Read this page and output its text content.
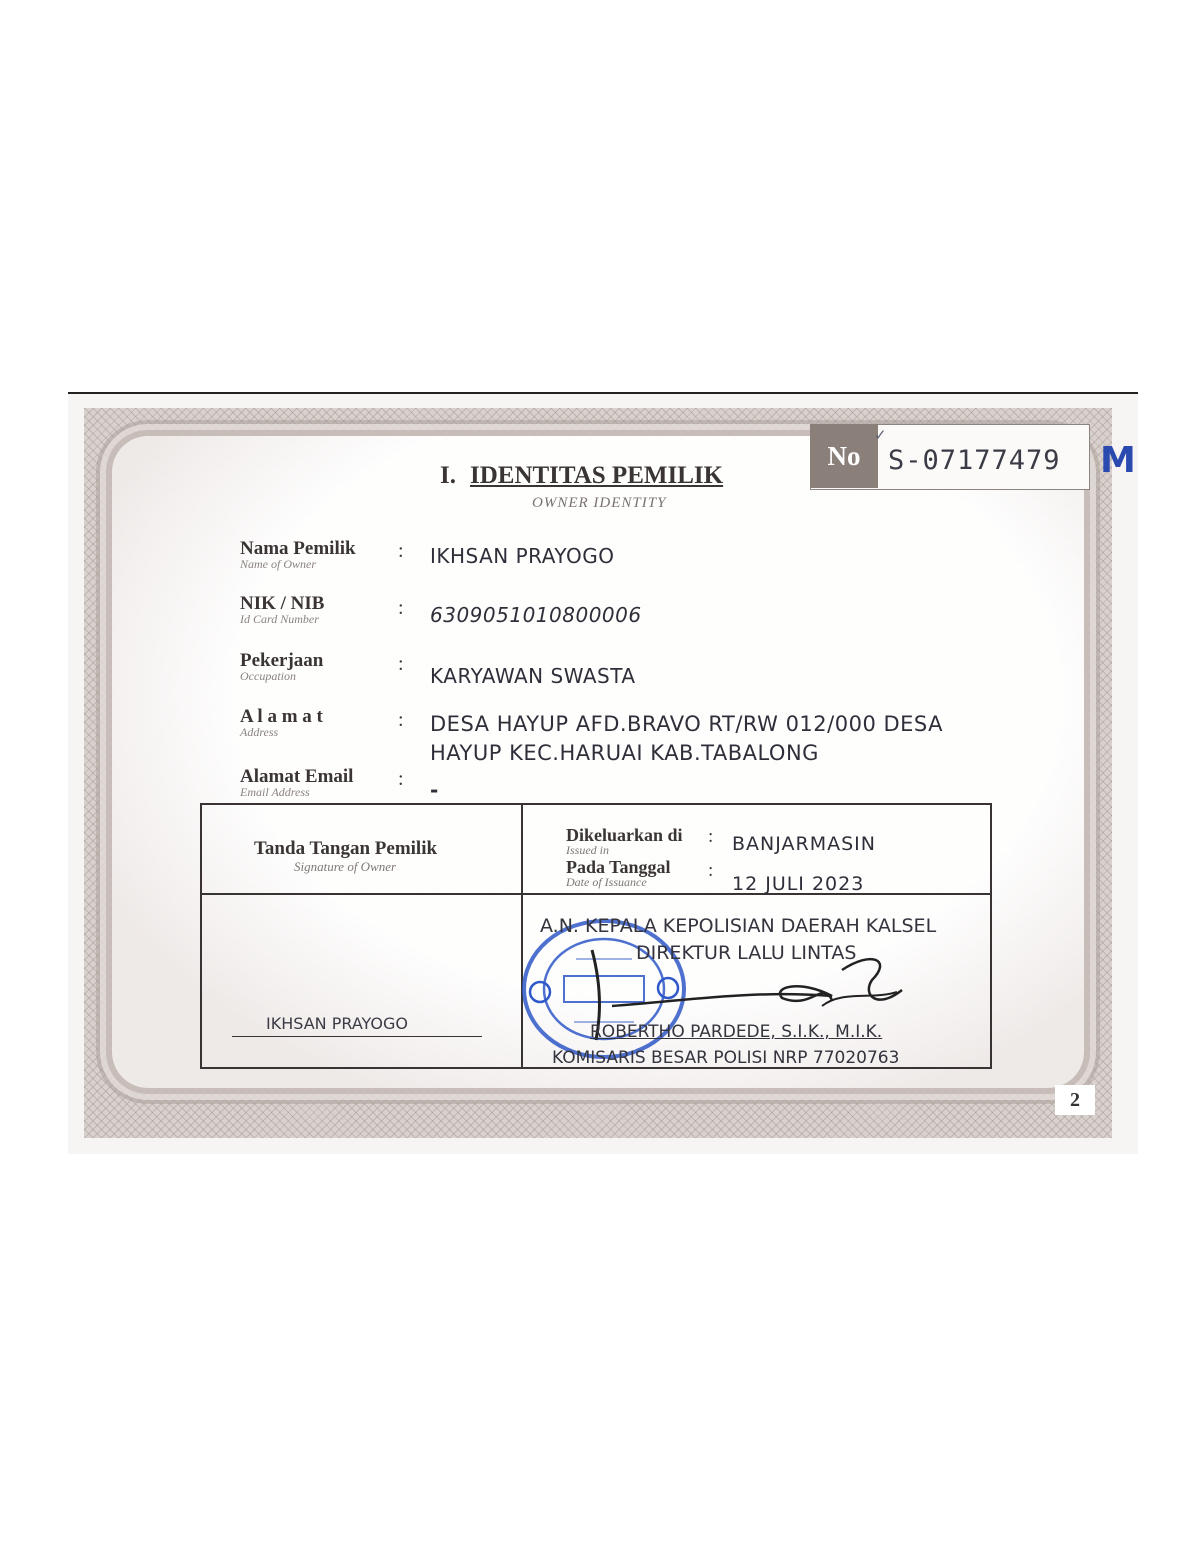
No
✓
S-07177479 M
I. IDENTITAS PEMILIK
OWNER IDENTITY
Nama Pemilik
Name of Owner
: IKHSAN PRAYOGO
NIK / NIB
Id Card Number	: 6309051010800006
Pekerjaan
Occupation
: KARYAWAN SWASTA
A l a m a t
Address
: DESA HAYUP AFD.BRAVO RT/RW 012/000 DESA
HAYUP KEC.HARUAI KAB.TABALONG
Alamat Email
Email Address
: -
Tanda Tangan Pemilik
Signature of Owner
IKHSAN PRAYOGO
Dikeluarkan di
Issued in
: BANJARMASIN
Pada Tanggal
Date of Issuance
:
12 JULI 2023
A.N. KEPALA KEPOLISIAN DAERAH KALSEL
DIREKTUR LALU LINTAS
ROBERTHO PARDEDE, S.I.K., M.I.K.
KOMISARIS BESAR POLISI NRP 77020763
2
